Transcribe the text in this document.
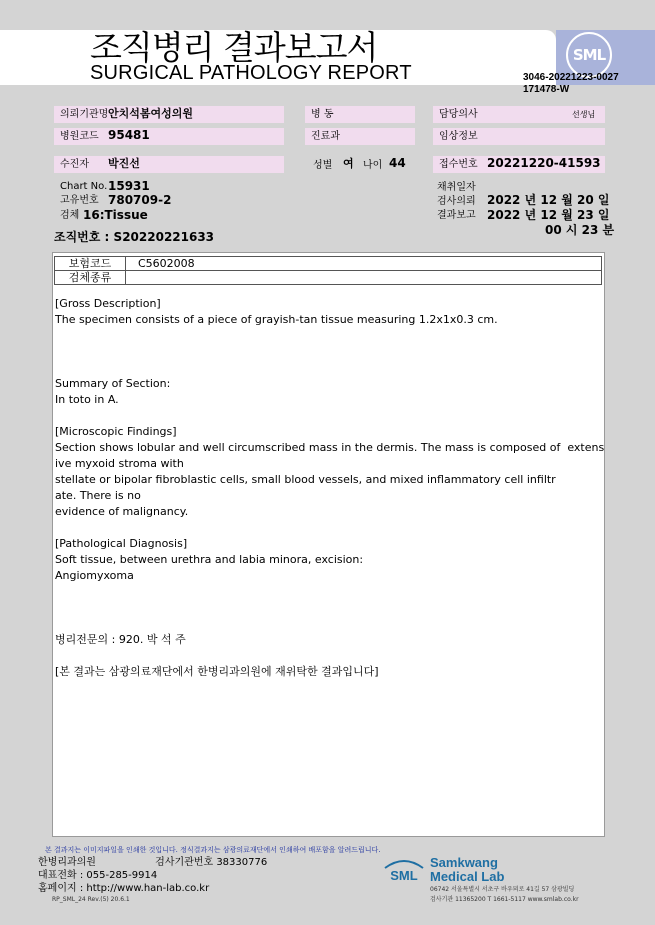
SML
조직병리 결과보고서
SURGICAL PATHOLOGY REPORT	3046-20221223-0027
171478-W
의뢰기관명 안치석봄여성의원	병 동	담당의사	선생님
병원코드 95481	진료과	임상정보
수진자	박진선	성별 여 나이 44	접수번호 20221220-41593
Chart No. 15931
고유번호 780709-2
검체 16:Tissue
채취일자
검사의뢰 2022 년 12 월 20 일
결과보고 2022 년 12 월 23 일
00 시 23 분
조직번호 : S20220221633
보험코드	C5602008
검체종류	
[Gross Description]
The specimen consists of a piece of grayish-tan tissue measuring 1.2x1x0.3 cm.

Summary of Section:
In toto in A.

[Microscopic Findings]
Section shows lobular and well circumscribed mass in the dermis. The mass is composed of  extens
ive myxoid stroma with
stellate or bipolar fibroblastic cells, small blood vessels, and mixed inflammatory cell infiltr
ate. There is no
evidence of malignancy.

[Pathological Diagnosis]
Soft tissue, between urethra and labia minora, excision:
Angiomyxoma

병리전문의 : 920. 박 석 주

[본 결과는 삼광의료재단에서 한병리과의원에 재위탁한 결과입니다]
본 결과지는 이미지파일을 인쇄한 것입니다. 정식결과지는 삼광의료재단에서 인쇄하여 배포함을 알려드립니다.
한병리과의원	검사기관번호 38330776
대표전화 : 055-285-9914
홈페이지 : http://www.han-lab.co.kr
RP_SML_24 Rev.(5) 20.6.1
SML
Samkwang
Medical Lab
06742 서울특별시 서초구 바우뫼로 41길 57 삼광빌딩
검사기관 11365200 T 1661-5117 www.smlab.co.kr
